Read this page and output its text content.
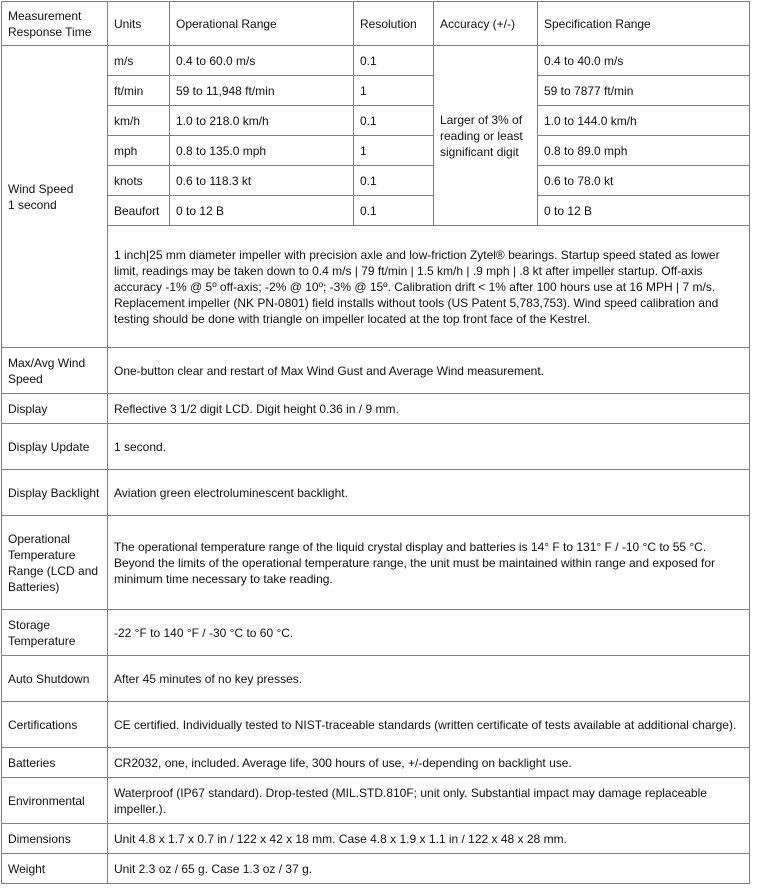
Measurement
Response Time	Units	Operational Range	Resolution	Accuracy (+/-)	Specification Range
Wind Speed
1 second	m/s	0.4 to 60.0 m/s	0.1	Larger of 3% of reading or least significant digit	0.4 to 40.0 m/s
	ft/min	59 to 11,948 ft/min	1		59 to 7877 ft/min
	km/h	1.0 to 218.0 km/h	0.1		1.0 to 144.0 km/h
	mph	0.8 to 135.0 mph	1		0.8 to 89.0 mph
	knots	0.6 to 118.3 kt	0.1		0.6 to 78.0 kt
	Beaufort	0 to 12 B	0.1		0 to 12 B
	1 inch|25 mm diameter impeller with precision axle and low-friction Zytel® bearings. Startup speed stated as lower limit, readings may be taken down to 0.4 m/s | 79 ft/min | 1.5 km/h | .9 mph | .8 kt after impeller startup. Off-axis accuracy -1% @ 5º off-axis; -2% @ 10º; -3% @ 15º. Calibration drift < 1% after 100 hours use at 16 MPH | 7 m/s. Replacement impeller (NK PN-0801) field installs without tools (US Patent 5,783,753). Wind speed calibration and testing should be done with triangle on impeller located at the top front face of the Kestrel.				
Max/Avg Wind Speed	One-button clear and restart of Max Wind Gust and Average Wind measurement.				
Display	Reflective 3 1/2 digit LCD. Digit height 0.36 in / 9 mm.				
Display Update	1 second.				
Display Backlight	Aviation green electroluminescent backlight.				
Operational Temperature Range (LCD and Batteries)	The operational temperature range of the liquid crystal display and batteries is 14° F to 131° F / -10 °C to 55 °C. Beyond the limits of the operational temperature range, the unit must be maintained within range and exposed for minimum time necessary to take reading.				
Storage Temperature	-22 °F to 140 °F / -30 °C to 60 °C.				
Auto Shutdown	After 45 minutes of no key presses.				
Certifications	CE certified. Individually tested to NIST-traceable standards (written certificate of tests available at additional charge).				
Batteries	CR2032, one, included. Average life, 300 hours of use, +/-depending on backlight use.				
Environmental	Waterproof (IP67 standard). Drop-tested (MIL.STD.810F; unit only. Substantial impact may damage replaceable impeller.).				
Dimensions	Unit 4.8 x 1.7 x 0.7 in / 122 x 42 x 18 mm. Case 4.8 x 1.9 x 1.1 in / 122 x 48 x 28 mm.				
Weight	Unit 2.3 oz / 65 g. Case 1.3 oz / 37 g.				
